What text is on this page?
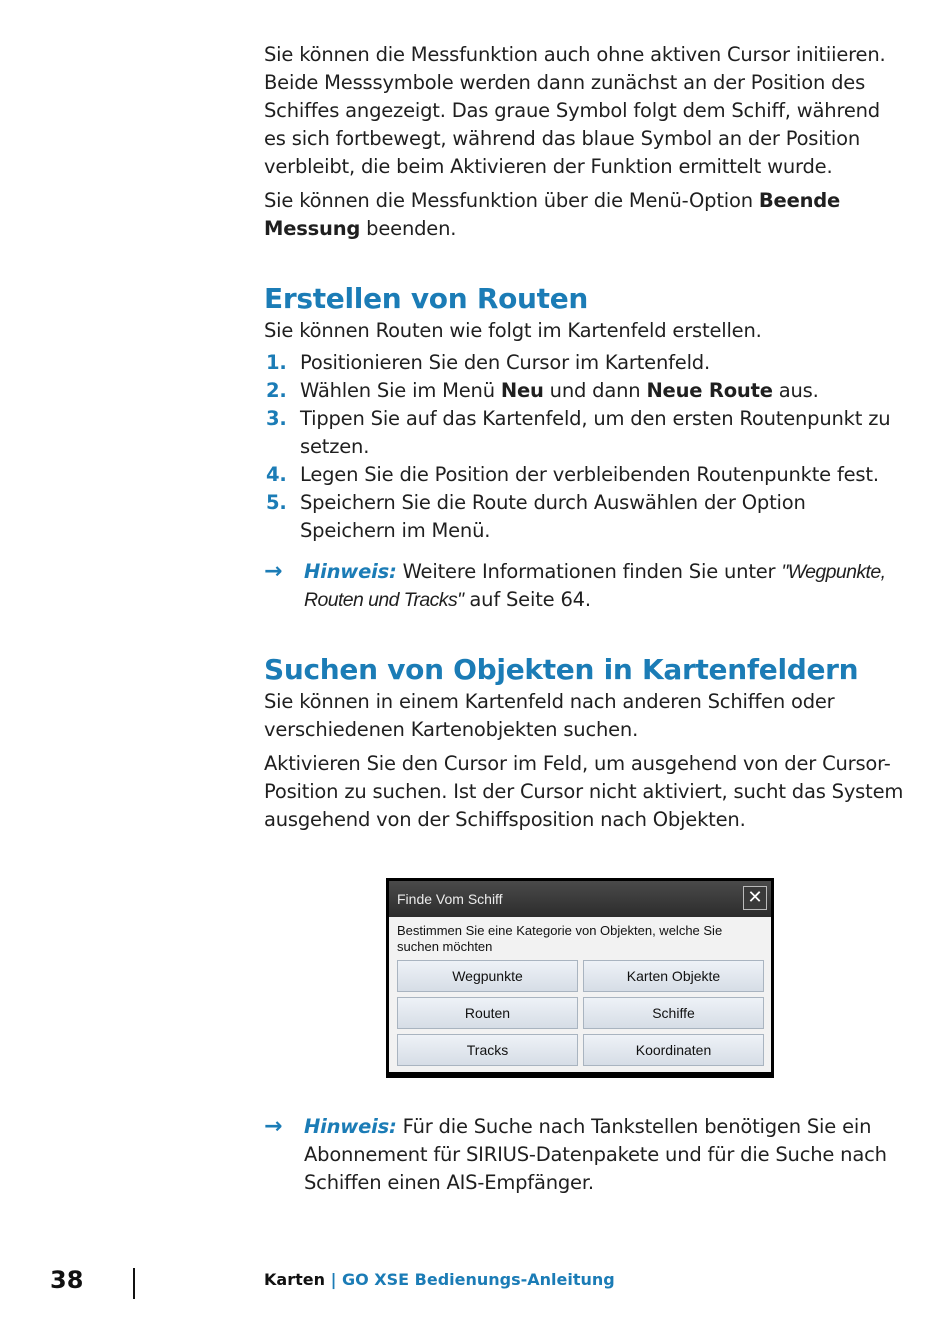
Sie können die Messfunktion auch ohne aktiven Cursor initiieren. Beide Messsymbole werden dann zunächst an der Position des Schiffes angezeigt. Das graue Symbol folgt dem Schiff, während es sich fortbewegt, während das blaue Symbol an der Position verbleibt, die beim Aktivieren der Funktion ermittelt wurde.

Sie können die Messfunktion über die Menü-Option Beende Messung beenden.

Erstellen von Routen

Sie können Routen wie folgt im Kartenfeld erstellen.

1. Positionieren Sie den Cursor im Kartenfeld.
2. Wählen Sie im Menü Neu und dann Neue Route aus.
3. Tippen Sie auf das Kartenfeld, um den ersten Routenpunkt zu setzen.
4. Legen Sie die Position der verbleibenden Routenpunkte fest.
5. Speichern Sie die Route durch Auswählen der Option Speichern im Menü.
→ Hinweis: Weitere Informationen finden Sie unter "Wegpunkte, Routen und Tracks" auf Seite 64.
Suchen von Objekten in Kartenfeldern

Sie können in einem Kartenfeld nach anderen Schiffen oder verschiedenen Kartenobjekten suchen.

Aktivieren Sie den Cursor im Feld, um ausgehend von der Cursor-Position zu suchen. Ist der Cursor nicht aktiviert, sucht das System ausgehend von der Schiffsposition nach Objekten.

Finde Vom Schiff	✕
Bestimmen Sie eine Kategorie von Objekten, welche Sie suchen möchten
Wegpunkte	Karten Objekte
Routen	Schiffe
Tracks	Koordinaten
→ Hinweis: Für die Suche nach Tankstellen benötigen Sie ein Abonnement für SIRIUS-Datenpakete und für die Suche nach Schiffen einen AIS-Empfänger.
38	Karten | GO XSE Bedienungs-Anleitung
